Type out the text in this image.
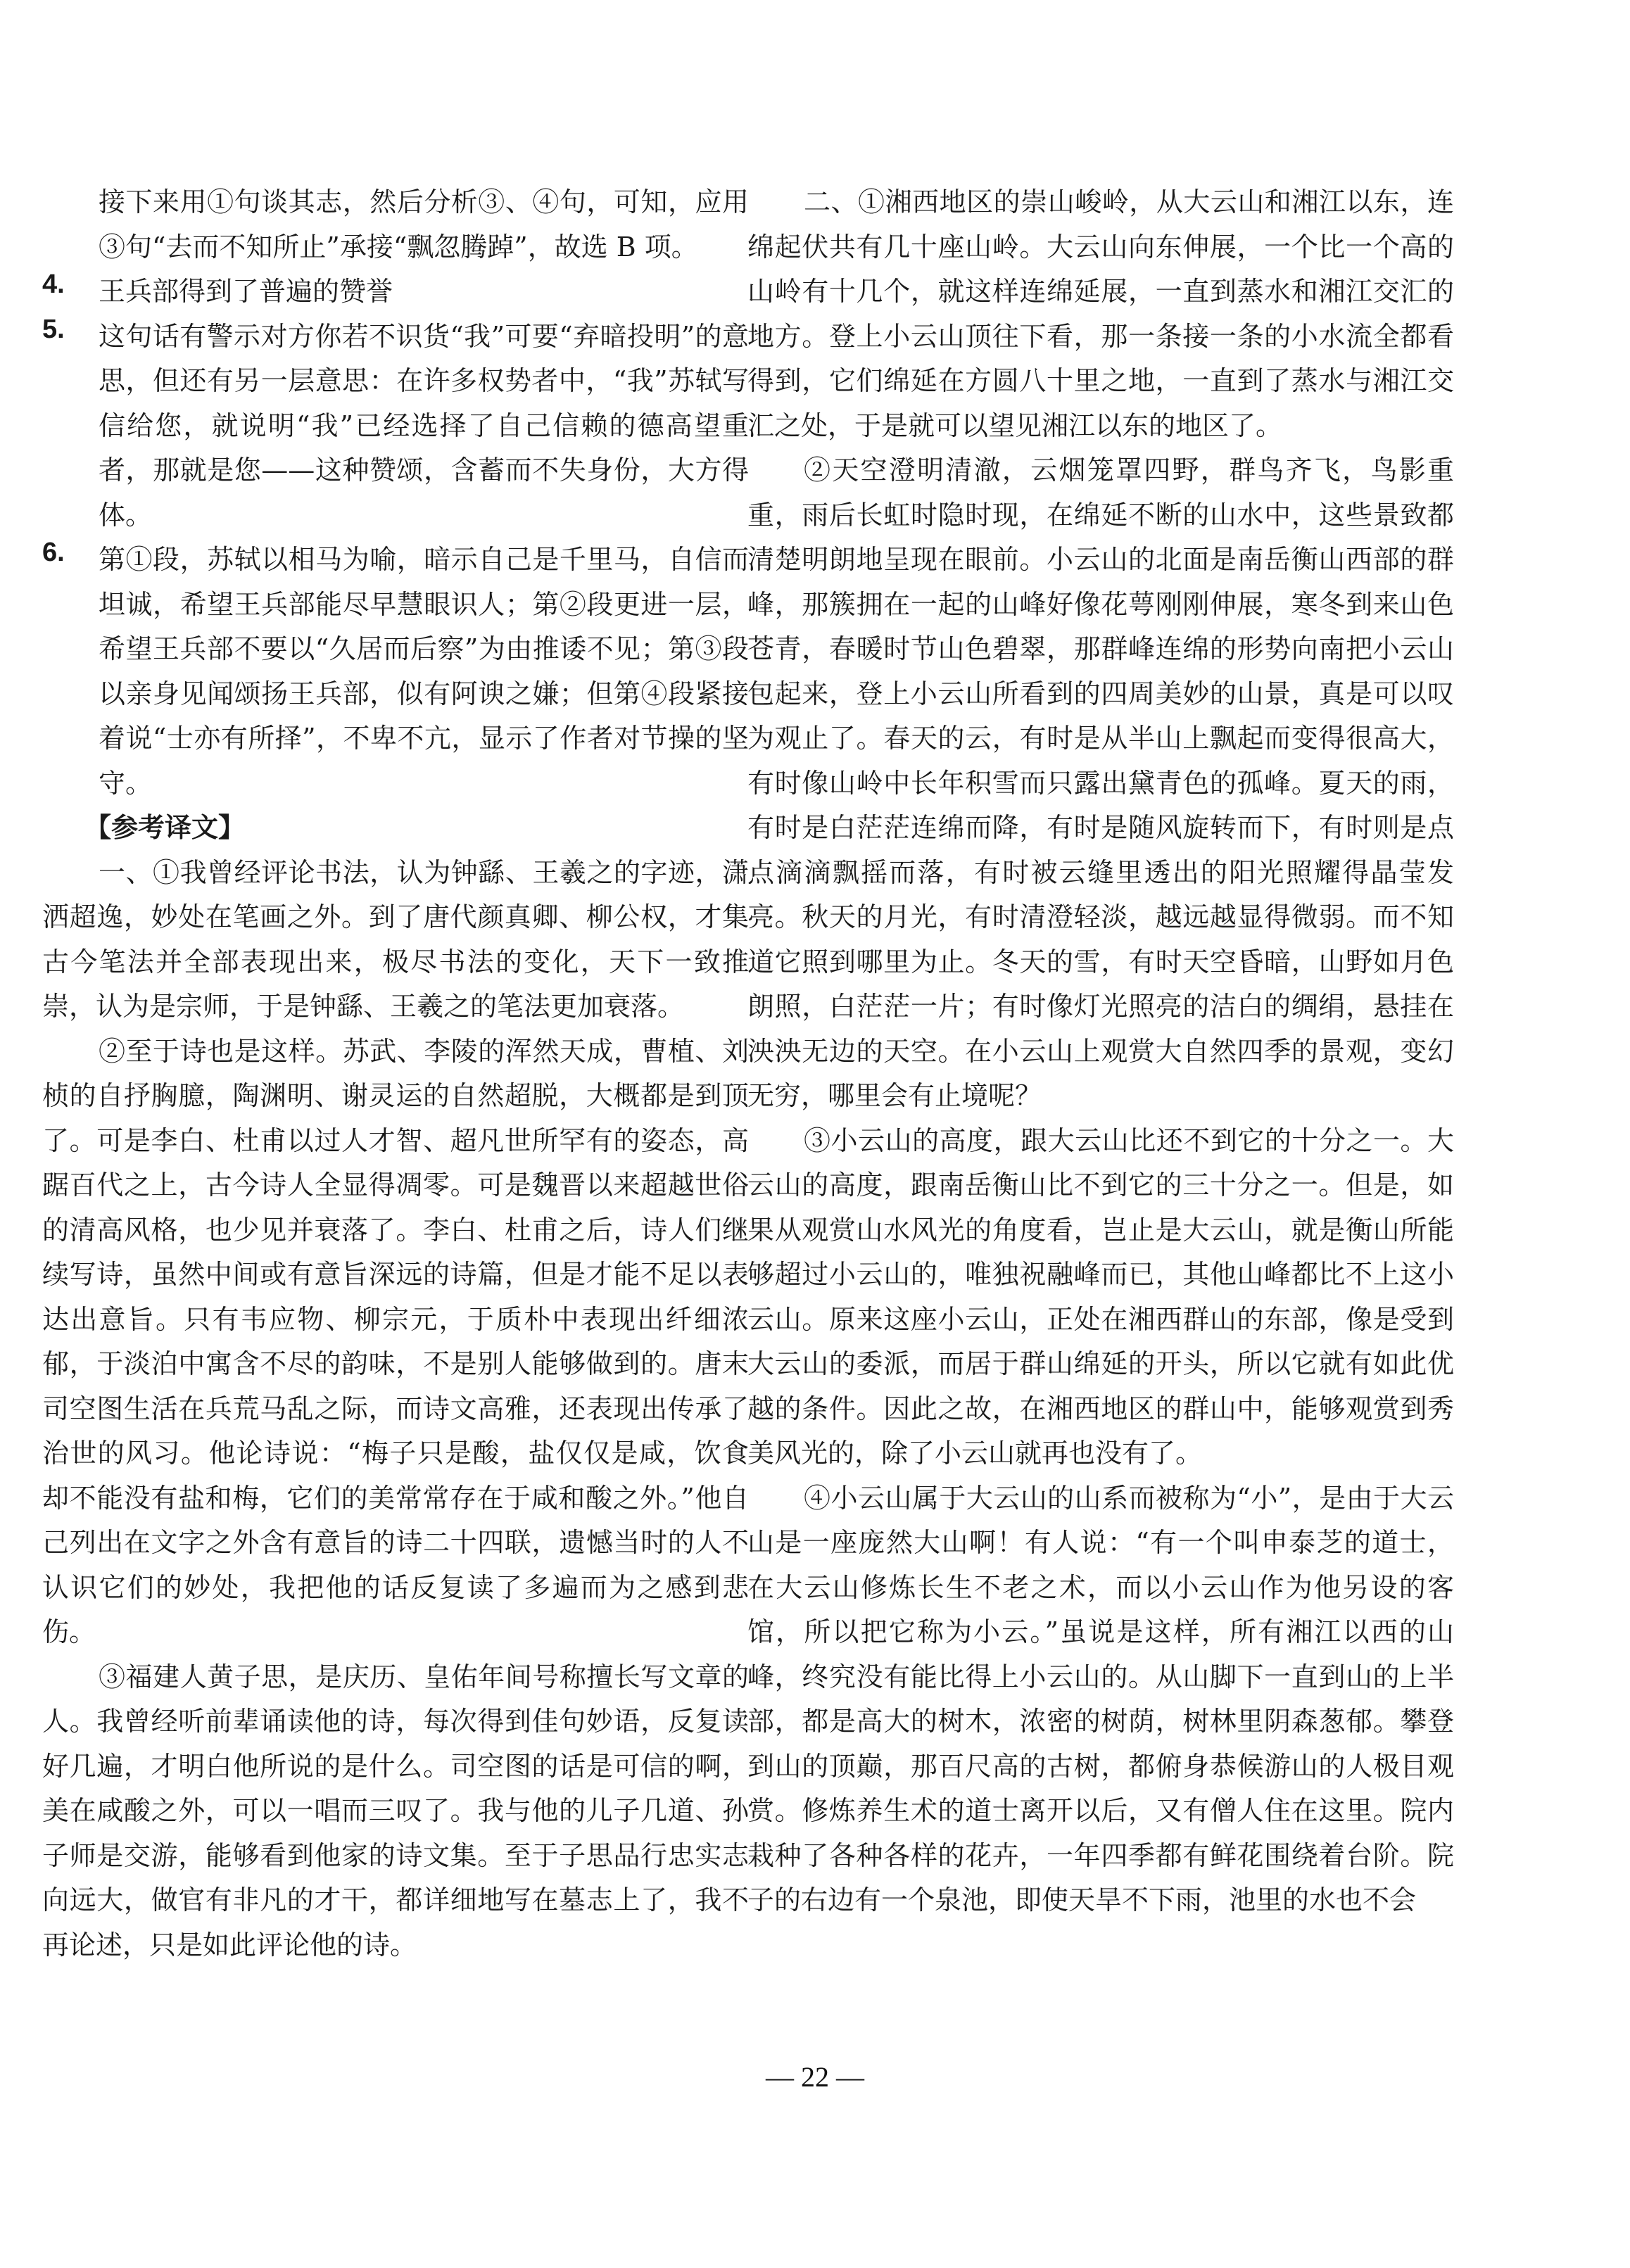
接下来用①句谈其志，然后分析③、④句，可知，应用③句“去而不知所止”承接“飘忽腾踔”，故选 B 项。

4.	王兵部得到了普遍的赞誉

5.	这句话有警示对方你若不识货“我”可要“弃暗投明”的意思，但还有另一层意思：在许多权势者中，“我”苏轼写信给您，就说明“我”已经选择了自己信赖的德高望重者，那就是您——这种赞颂，含蓄而不失身份，大方得体。

6.	第①段，苏轼以相马为喻，暗示自己是千里马，自信而坦诚，希望王兵部能尽早慧眼识人；第②段更进一层，希望王兵部不要以“久居而后察”为由推诿不见；第③段以亲身见闻颂扬王兵部，似有阿谀之嫌；但第④段紧接着说“士亦有所择”，不卑不亢，显示了作者对节操的坚守。

【参考译文】

一、①我曾经评论书法，认为钟繇、王羲之的字迹，潇洒超逸，妙处在笔画之外。到了唐代颜真卿、柳公权，才集古今笔法并全部表现出来，极尽书法的变化，天下一致推崇，认为是宗师，于是钟繇、王羲之的笔法更加衰落。

②至于诗也是这样。苏武、李陵的浑然天成，曹植、刘桢的自抒胸臆，陶渊明、谢灵运的自然超脱，大概都是到顶了。可是李白、杜甫以过人才智、超凡世所罕有的姿态，高踞百代之上，古今诗人全显得凋零。可是魏晋以来超越世俗的清高风格，也少见并衰落了。李白、杜甫之后，诗人们继续写诗，虽然中间或有意旨深远的诗篇，但是才能不足以表达出意旨。只有韦应物、柳宗元，于质朴中表现出纤细浓郁，于淡泊中寓含不尽的韵味，不是别人能够做到的。唐末司空图生活在兵荒马乱之际，而诗文高雅，还表现出传承了治世的风习。他论诗说：“梅子只是酸，盐仅仅是咸，饮食却不能没有盐和梅，它们的美常常存在于咸和酸之外。”他自己列出在文字之外含有意旨的诗二十四联，遗憾当时的人不认识它们的妙处，我把他的话反复读了多遍而为之感到悲伤。

③福建人黄子思，是庆历、皇佑年间号称擅长写文章的人。我曾经听前辈诵读他的诗，每次得到佳句妙语，反复读好几遍，才明白他所说的是什么。司空图的话是可信的啊，美在咸酸之外，可以一唱而三叹了。我与他的儿子几道、孙子师是交游，能够看到他家的诗文集。至于子思品行忠实志向远大，做官有非凡的才干，都详细地写在墓志上了，我不再论述，只是如此评论他的诗。

二、①湘西地区的崇山峻岭，从大云山和湘江以东，连绵起伏共有几十座山岭。大云山向东伸展，一个比一个高的山岭有十几个，就这样连绵延展，一直到蒸水和湘江交汇的地方。登上小云山顶往下看，那一条接一条的小水流全都看得到，它们绵延在方圆八十里之地，一直到了蒸水与湘江交汇之处，于是就可以望见湘江以东的地区了。

②天空澄明清澈，云烟笼罩四野，群鸟齐飞，鸟影重重，雨后长虹时隐时现，在绵延不断的山水中，这些景致都清楚明朗地呈现在眼前。小云山的北面是南岳衡山西部的群峰，那簇拥在一起的山峰好像花萼刚刚伸展，寒冬到来山色苍青，春暖时节山色碧翠，那群峰连绵的形势向南把小云山包起来，登上小云山所看到的四周美妙的山景，真是可以叹为观止了。春天的云，有时是从半山上飘起而变得很高大，有时像山岭中长年积雪而只露出黛青色的孤峰。夏天的雨，有时是白茫茫连绵而降，有时是随风旋转而下，有时则是点点滴滴飘摇而落，有时被云缝里透出的阳光照耀得晶莹发亮。秋天的月光，有时清澄轻淡，越远越显得微弱。而不知道它照到哪里为止。冬天的雪，有时天空昏暗，山野如月色朗照，白茫茫一片；有时像灯光照亮的洁白的绸绢，悬挂在泱泱无边的天空。在小云山上观赏大自然四季的景观，变幻无穷，哪里会有止境呢？

③小云山的高度，跟大云山比还不到它的十分之一。大云山的高度，跟南岳衡山比不到它的三十分之一。但是，如果从观赏山水风光的角度看，岂止是大云山，就是衡山所能够超过小云山的，唯独祝融峰而已，其他山峰都比不上这小云山。原来这座小云山，正处在湘西群山的东部，像是受到大云山的委派，而居于群山绵延的开头，所以它就有如此优越的条件。因此之故，在湘西地区的群山中，能够观赏到秀美风光的，除了小云山就再也没有了。

④小云山属于大云山的山系而被称为“小”，是由于大云山是一座庞然大山啊！有人说：“有一个叫申泰芝的道士，在大云山修炼长生不老之术，而以小云山作为他另设的客馆，所以把它称为小云。”虽说是这样，所有湘江以西的山峰，终究没有能比得上小云山的。从山脚下一直到山的上半部，都是高大的树木，浓密的树荫，树林里阴森葱郁。攀登到山的顶巅，那百尺高的古树，都俯身恭候游山的人极目观赏。修炼养生术的道士离开以后，又有僧人住在这里。院内栽种了各种各样的花卉，一年四季都有鲜花围绕着台阶。院子的右边有一个泉池，即使天旱不下雨，池里的水也不会

— 22 —
